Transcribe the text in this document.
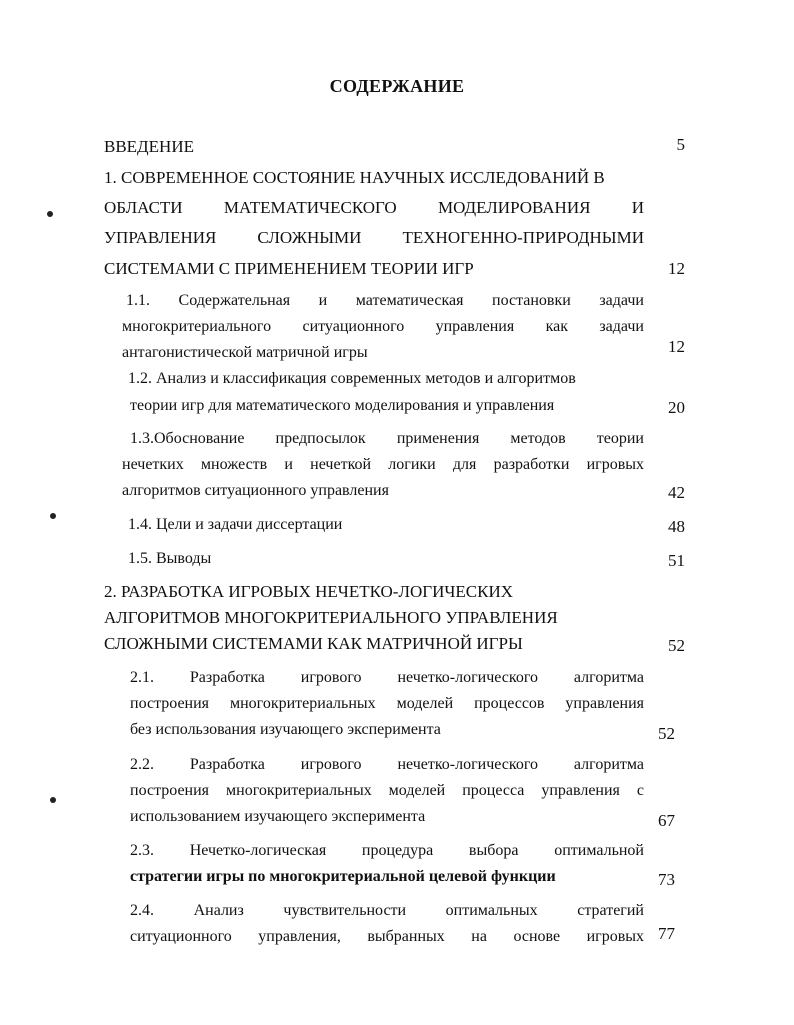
СОДЕРЖАНИЕ
ВВЕДЕНИЕ	5
1. СОВРЕМЕННОЕ СОСТОЯНИЕ НАУЧНЫХ ИССЛЕДОВАНИЙ В
ОБЛАСТИ МАТЕМАТИЧЕСКОГО МОДЕЛИРОВАНИЯ И
УПРАВЛЕНИЯ СЛОЖНЫМИ ТЕХНОГЕННО-ПРИРОДНЫМИ
СИСТЕМАМИ С ПРИМЕНЕНИЕМ ТЕОРИИ ИГР	12
1.1. Содержательная и математическая постановки задачи
многокритериального ситуационного управления как задачи
антагонистической матричной игры	12
1.2. Анализ и классификация современных методов и алгоритмов
теории игр для математического моделирования и управления	20
1.3.Обоснование предпосылок применения методов теории
нечетких множеств и нечеткой логики для разработки игровых
алгоритмов ситуационного управления	42
1.4. Цели и задачи диссертации	48
1.5. Выводы	51
2. РАЗРАБОТКА ИГРОВЫХ НЕЧЕТКО-ЛОГИЧЕСКИХ
АЛГОРИТМОВ МНОГОКРИТЕРИАЛЬНОГО УПРАВЛЕНИЯ
СЛОЖНЫМИ СИСТЕМАМИ КАК МАТРИЧНОЙ ИГРЫ	52
2.1. Разработка игрового нечетко-логического алгоритма
построения многокритериальных моделей процессов управления
без использования изучающего эксперимента	52
2.2. Разработка игрового нечетко-логического алгоритма
построения многокритериальных моделей процесса управления с
использованием изучающего эксперимента	67
2.3. Нечетко-логическая процедура выбора оптимальной
стратегии игры по многокритериальной целевой функции	73
2.4. Анализ чувствительности оптимальных стратегий
ситуационного управления, выбранных на основе игровых 77
